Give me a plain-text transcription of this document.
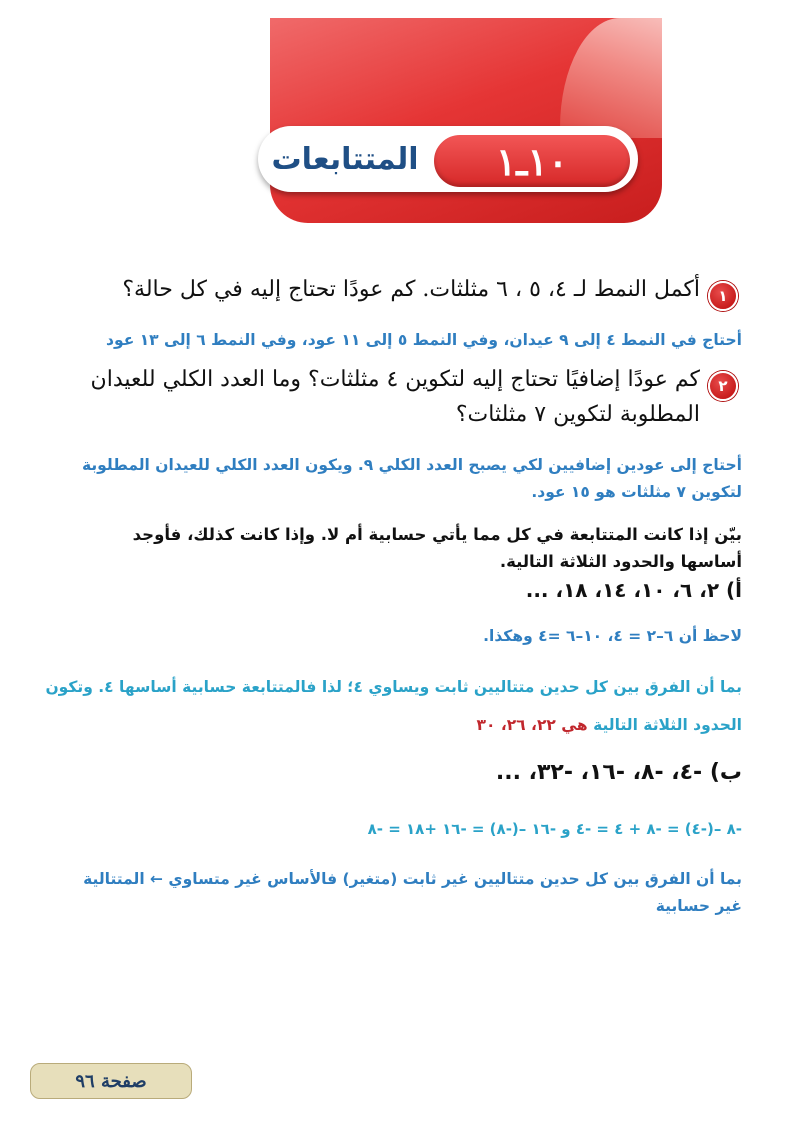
١٠ـ١
المتتابعات
١
أكمل النمط لـ ٤، ٥ ، ٦ مثلثات. كم عودًا تحتاج إليه في كل حالة؟
أحتاج في النمط ٤ إلى ٩ عيدان، وفي النمط ٥ إلى ١١ عود، وفي النمط ٦ إلى ١٣ عود
٢
كم عودًا إضافيًا تحتاج إليه لتكوين ٤ مثلثات؟ وما العدد الكلي للعيدان
المطلوبة لتكوين ٧ مثلثات؟
أحتاج إلى عودين إضافيين لكي يصبح العدد الكلي ٩. ويكون العدد الكلي للعيدان المطلوبة
لتكوين ٧ مثلثات هو ١٥ عود.
بيّن إذا كانت المتتابعة في كل مما يأتي حسابية أم لا. وإذا كانت كذلك، فأوجد
أساسها والحدود الثلاثة التالية.
أ) ٢، ٦، ١٠، ١٤، ١٨، ...
لاحظ أن ٦–٢ = ٤، ١٠–٦ =٤ وهكذا.
بما أن الفرق بين كل حدين متتاليين ثابت ويساوي ٤؛ لذا فالمتتابعة حسابية أساسها ٤. وتكون
الحدود الثلاثة التالية هي ٢٢، ٢٦، ٣٠
ب) -٤، -٨، -١٦، -٣٢، ...
-٨ –(-٤) = -٨ + ٤ = -٤ و -١٦ –(-٨) = -١٦ +١٨ = -٨
بما أن الفرق بين كل حدين متتاليين غير ثابت (متغير) فالأساس غير متساوي ← المتتالية
غير حسابية
صفحة ٩٦
